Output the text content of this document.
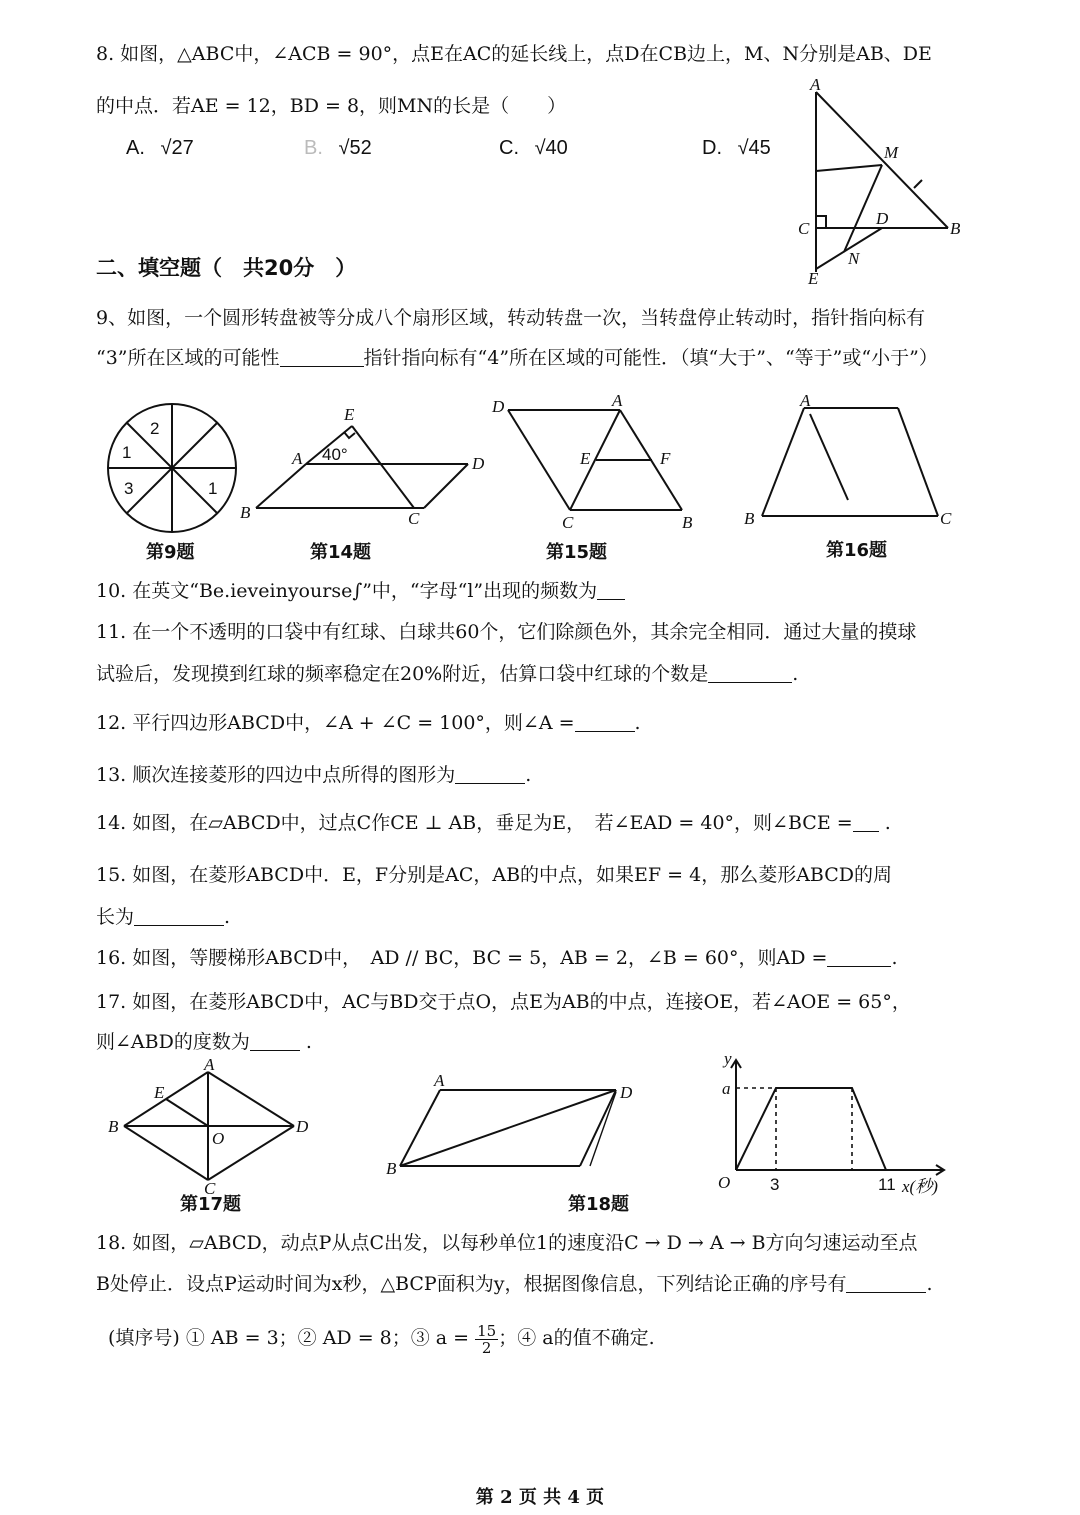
8. 如图，△ABC中，∠ACB = 90°，点E在AC的延长线上，点D在CB边上，M、N分别是AB、DE
的中点．若AE = 12，BD = 8，则MN的长是（　　）
A. √27	B. √52	C. √40	D. √45
A
M
C
D
B
N
E
二、填空题（　共20分　）
9、如图，一个圆形转盘被等分成八个扇形区域，转动转盘一次，当转盘停止转动时，指针指向标有
“3”所在区域的可能性	指针指向标有“4”所在区域的可能性．（填“大于”、“等于”或“小于”）
2
1
3	1
第9题
E
A 40°	D
B	C
第14题
D	A
E	F
C	B
第15题
A
B	C
第16题
10. 在英文“Be.ieveinyourse∫”中，“字母“l”出现的频数为
11. 在一个不透明的口袋中有红球、白球共60个，它们除颜色外，其余完全相同．通过大量的摸球
试验后，发现摸到红球的频率稳定在20%附近，估算口袋中红球的个数是	.
12. 平行四边形ABCD中，∠A + ∠C = 100°，则∠A =	.
13. 顺次连接菱形的四边中点所得的图形为	.
14. 如图，在▱ABCD中，过点C作CE ⊥ AB，垂足为E，　若∠EAD = 40°，则∠BCE = .
15. 如图，在菱形ABCD中．E，F分别是AC，AB的中点，如果EF = 4，那么菱形ABCD的周
长为	.
16. 如图，等腰梯形ABCD中，　AD // BC，BC = 5，AB = 2，∠B = 60°，则AD =	.
17. 如图，在菱形ABCD中，AC与BD交于点O，点E为AB的中点，连接OE，若∠AOE = 65°，
则∠ABD的度数为	.
A
E
B
O
D
C
第17题
A
D
B
第18题
y
a
O 3	11 x(秒)
18. 如图，▱ABCD，动点P从点C出发，以每秒单位1的速度沿C → D → A → B方向匀速运动至点
B处停止．设点P运动时间为x秒，△BCP面积为y，根据图像信息，下列结论正确的序号有	.
(填序号) ① AB = 3；② AD = 8；③ $a = \frac{15}{2}$ ；④ a的值不确定.
第 2 页 共 4 页
